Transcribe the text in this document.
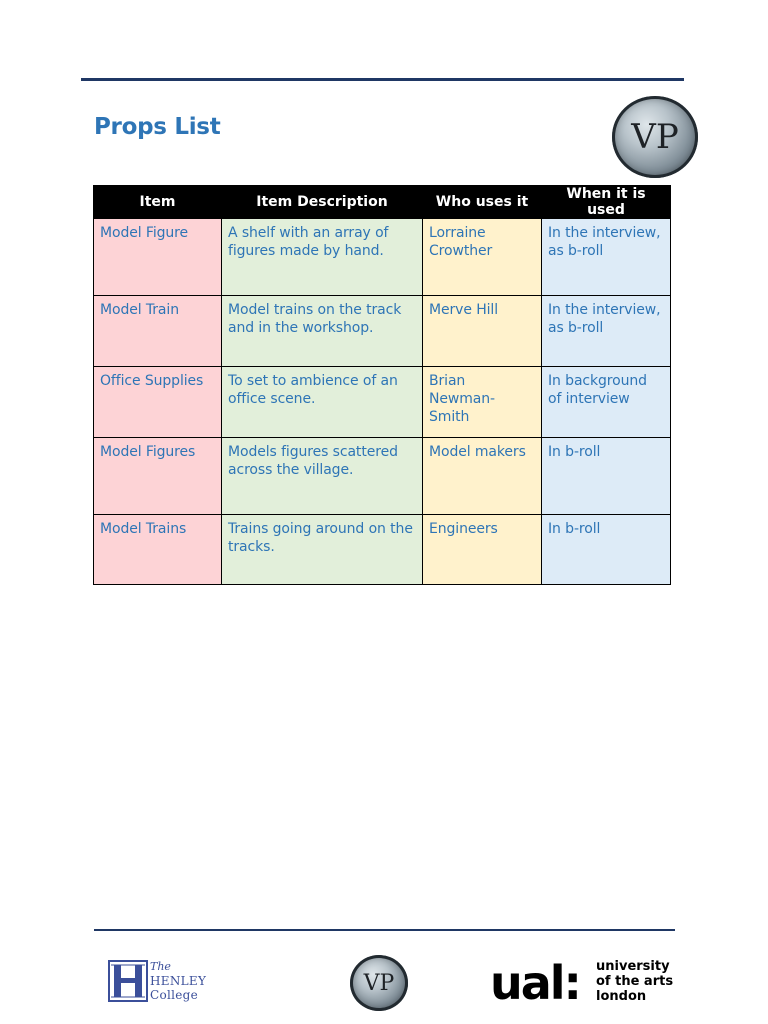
Props List	VP
Item	Item Description	Who uses it	When it is used
Model Figure	A shelf with an array of figures made by hand.	Lorraine Crowther	In the interview, as b-roll
Model Train	Model trains on the track and in the workshop.	Merve Hill	In the interview, as b-roll
Office Supplies	To set to ambience of an office scene.	Brian Newman-Smith	In background of interview
Model Figures	Models figures scattered across the village.	Model makers	In b-roll
Model Trains	Trains going around on the tracks.	Engineers	In b-roll
The
HENLEY
College	VP ual: university
of the arts
london
